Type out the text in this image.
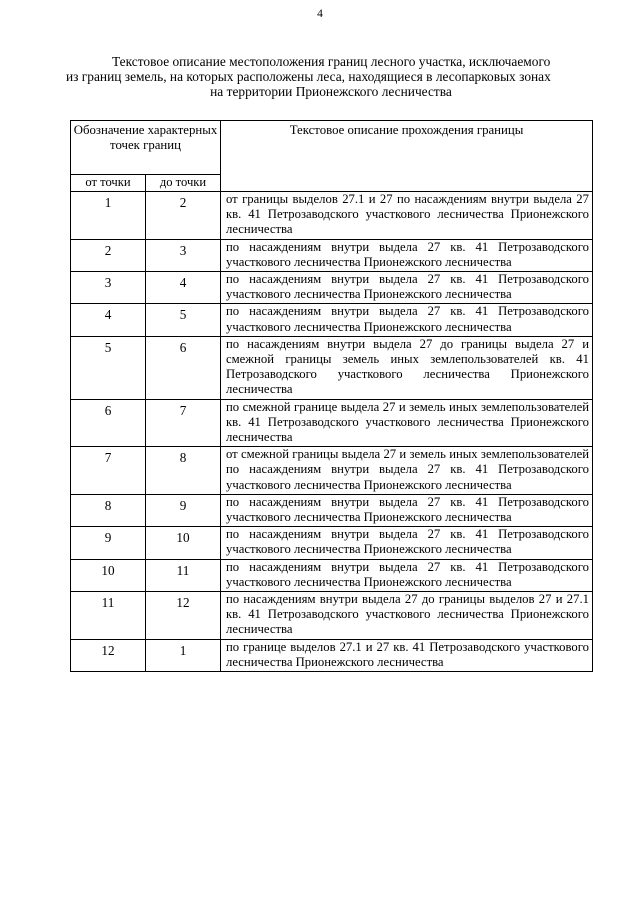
4
Текстовое описание местоположения границ лесного участка, исключаемого
из границ земель, на которых расположены леса, находящиеся в лесопарковых зонах
на территории Прионежского лесничества
Обозначение характерных точек границ		Текстовое описание прохождения границы
от точки	до точки	
1	2	от границы выделов 27.1 и 27 по насаждениям внутри выдела 27 кв. 41 Петрозаводского участкового лесничества Прионежского лесничества
2	3	по насаждениям внутри выдела 27 кв. 41 Петрозаводского участкового лесничества Прионежского лесничества
3	4	по насаждениям внутри выдела 27 кв. 41 Петрозаводского участкового лесничества Прионежского лесничества
4	5	по насаждениям внутри выдела 27 кв. 41 Петрозаводского участкового лесничества Прионежского лесничества
5	6	по насаждениям внутри выдела 27 до границы выдела 27 и смежной границы земель иных землепользователей кв. 41 Петрозаводского участкового лесничества Прионежского лесничества
6	7	по смежной границе выдела 27 и земель иных землепользователей кв. 41 Петрозаводского участкового лесничества Прионежского лесничества
7	8	от смежной границы выдела 27 и земель иных землепользователей по насаждениям внутри выдела 27 кв. 41 Петрозаводского участкового лесничества Прионежского лесничества
8	9	по насаждениям внутри выдела 27 кв. 41 Петрозаводского участкового лесничества Прионежского лесничества
9	10	по насаждениям внутри выдела 27 кв. 41 Петрозаводского участкового лесничества Прионежского лесничества
10	11	по насаждениям внутри выдела 27 кв. 41 Петрозаводского участкового лесничества Прионежского лесничества
11	12	по насаждениям внутри выдела 27 до границы выделов 27 и 27.1 кв. 41 Петрозаводского участкового лесничества Прионежского лесничества
12	1	по границе выделов 27.1 и 27 кв. 41 Петрозаводского участкового лесничества Прионежского лесничества
